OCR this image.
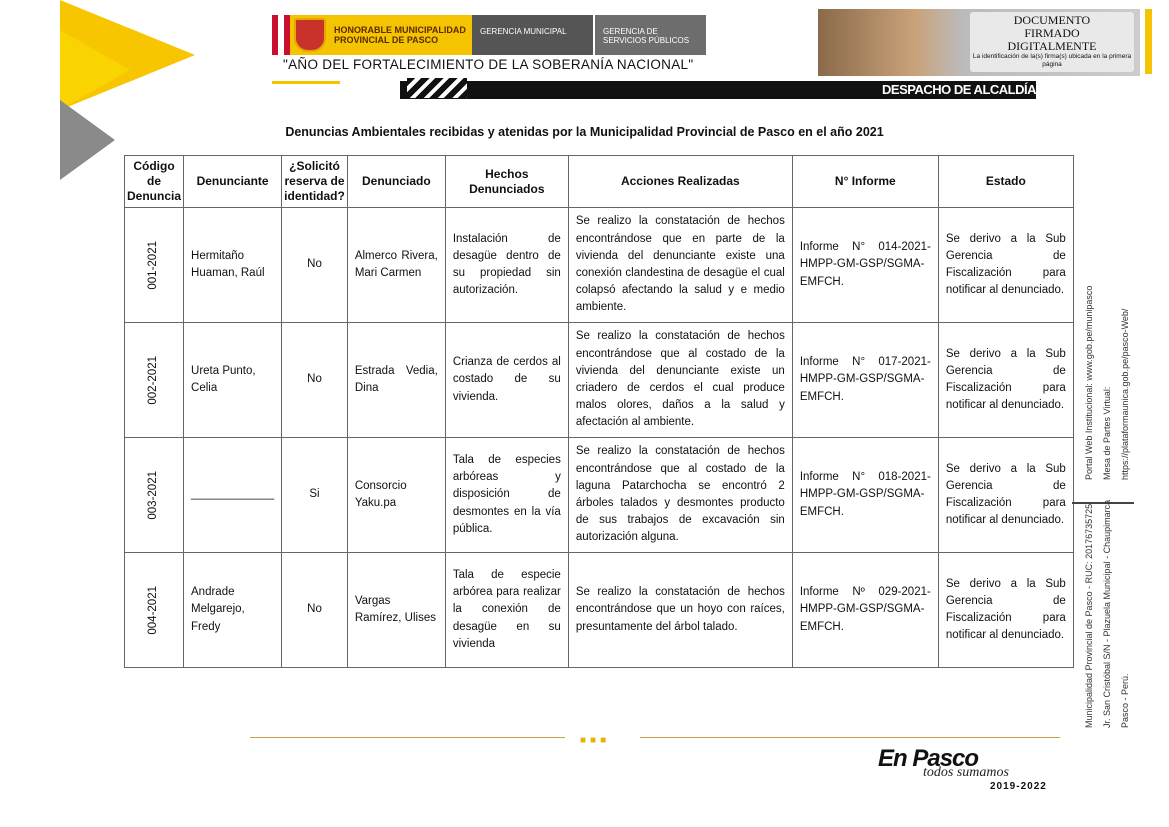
HONORABLE MUNICIPALIDAD PROVINCIAL DE PASCO
GERENCIA MUNICIPAL	GERENCIA DE SERVICIOS PÚBLICOS
"AÑO DEL FORTALECIMIENTO DE LA SOBERANÍA NACIONAL"
DOCUMENTO
FIRMADO
DIGITALMENTE
La identificación de la(s) firma(s) ubicada en la primera página
DESPACHO DE ALCALDÍA
Denuncias Ambientales recibidas y atenidas por la Municipalidad Provincial de Pasco en el año 2021
Código de Denuncia	Denunciante	¿Solicitó reserva de identidad?	Denunciado	Hechos Denunciados	Acciones Realizadas	N° Informe	Estado

001-2021	Hermitaño Huaman, Raúl	No	Almerco Rivera, Mari Carmen	Instalación de desagüe dentro de su propiedad sin autorización.	Se realizo la constatación de hechos encontrándose que en parte de la vivienda del denunciante existe una conexión clandestina de desagüe el cual colapsó afectando la salud y e medio ambiente.	Informe N° 014-2021-HMPP-GM-GSP/SGMA-EMFCH.	Se derivo a la Sub Gerencia de Fiscalización para notificar al denunciado.

002-2021	Ureta Punto, Celia	No	Estrada Vedia, Dina	Crianza de cerdos al costado de su vivienda.	Se realizo la constatación de hechos encontrándose que al costado de la vivienda del denunciante existe un criadero de cerdos el cual produce malos olores, daños a la salud y afectación al ambiente.	Informe N° 017-2021-HMPP-GM-GSP/SGMA-EMFCH.	Se derivo a la Sub Gerencia de Fiscalización para notificar al denunciado.

003-2021	_____________	Si	Consorcio Yaku.pa	Tala de especies arbóreas y disposición de desmontes en la vía pública.	Se realizo la constatación de hechos encontrándose que al costado de la laguna Patarchocha se encontró 2 árboles talados y desmontes producto de sus trabajos de excavación sin autorización alguna.	Informe N° 018-2021-HMPP-GM-GSP/SGMA-EMFCH.	Se derivo a la Sub Gerencia de Fiscalización para notificar al denunciado.

004-2021	Andrade Melgarejo, Fredy	No	Vargas Ramírez, Ulises	Tala de especie arbórea para realizar la conexión de desagüe en su vivienda	Se realizo la constatación de hechos encontrándose que un hoyo con raíces, presuntamente del árbol talado.	Informe Nº 029-2021-HMPP-GM-GSP/SGMA-EMFCH.	Se derivo a la Sub Gerencia de Fiscalización para notificar al denunciado.
Portal Web Institucional: www.gob.pe/munipasco Mesa de Partes Virtual: https://plataformaunica.gob.pe/pasco-Web/
Municipalidad Provincial de Pasco - RUC: 20176735725 Jr. San Cristóbal S/N - Plazuela Municipal - Chaupimarca Pasco - Perú.
■■■
En Pasco
todos sumamos
2019-2022
